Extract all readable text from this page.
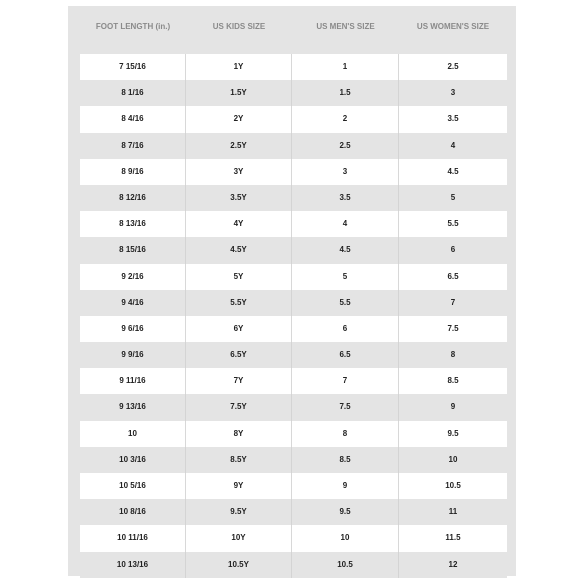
FOOT LENGTH (in.)	US KIDS SIZE	US MEN'S SIZE	US WOMEN'S SIZE
7 15/16	1Y	1	2.5
8 1/16	1.5Y	1.5	3
8 4/16	2Y	2	3.5
8 7/16	2.5Y	2.5	4
8 9/16	3Y	3	4.5
8 12/16	3.5Y	3.5	5
8 13/16	4Y	4	5.5
8 15/16	4.5Y	4.5	6
9 2/16	5Y	5	6.5
9 4/16	5.5Y	5.5	7
9 6/16	6Y	6	7.5
9 9/16	6.5Y	6.5	8
9 11/16	7Y	7	8.5
9 13/16	7.5Y	7.5	9
10	8Y	8	9.5
10 3/16	8.5Y	8.5	10
10 5/16	9Y	9	10.5
10 8/16	9.5Y	9.5	11
10 11/16	10Y	10	11.5
10 13/16	10.5Y	10.5	12
